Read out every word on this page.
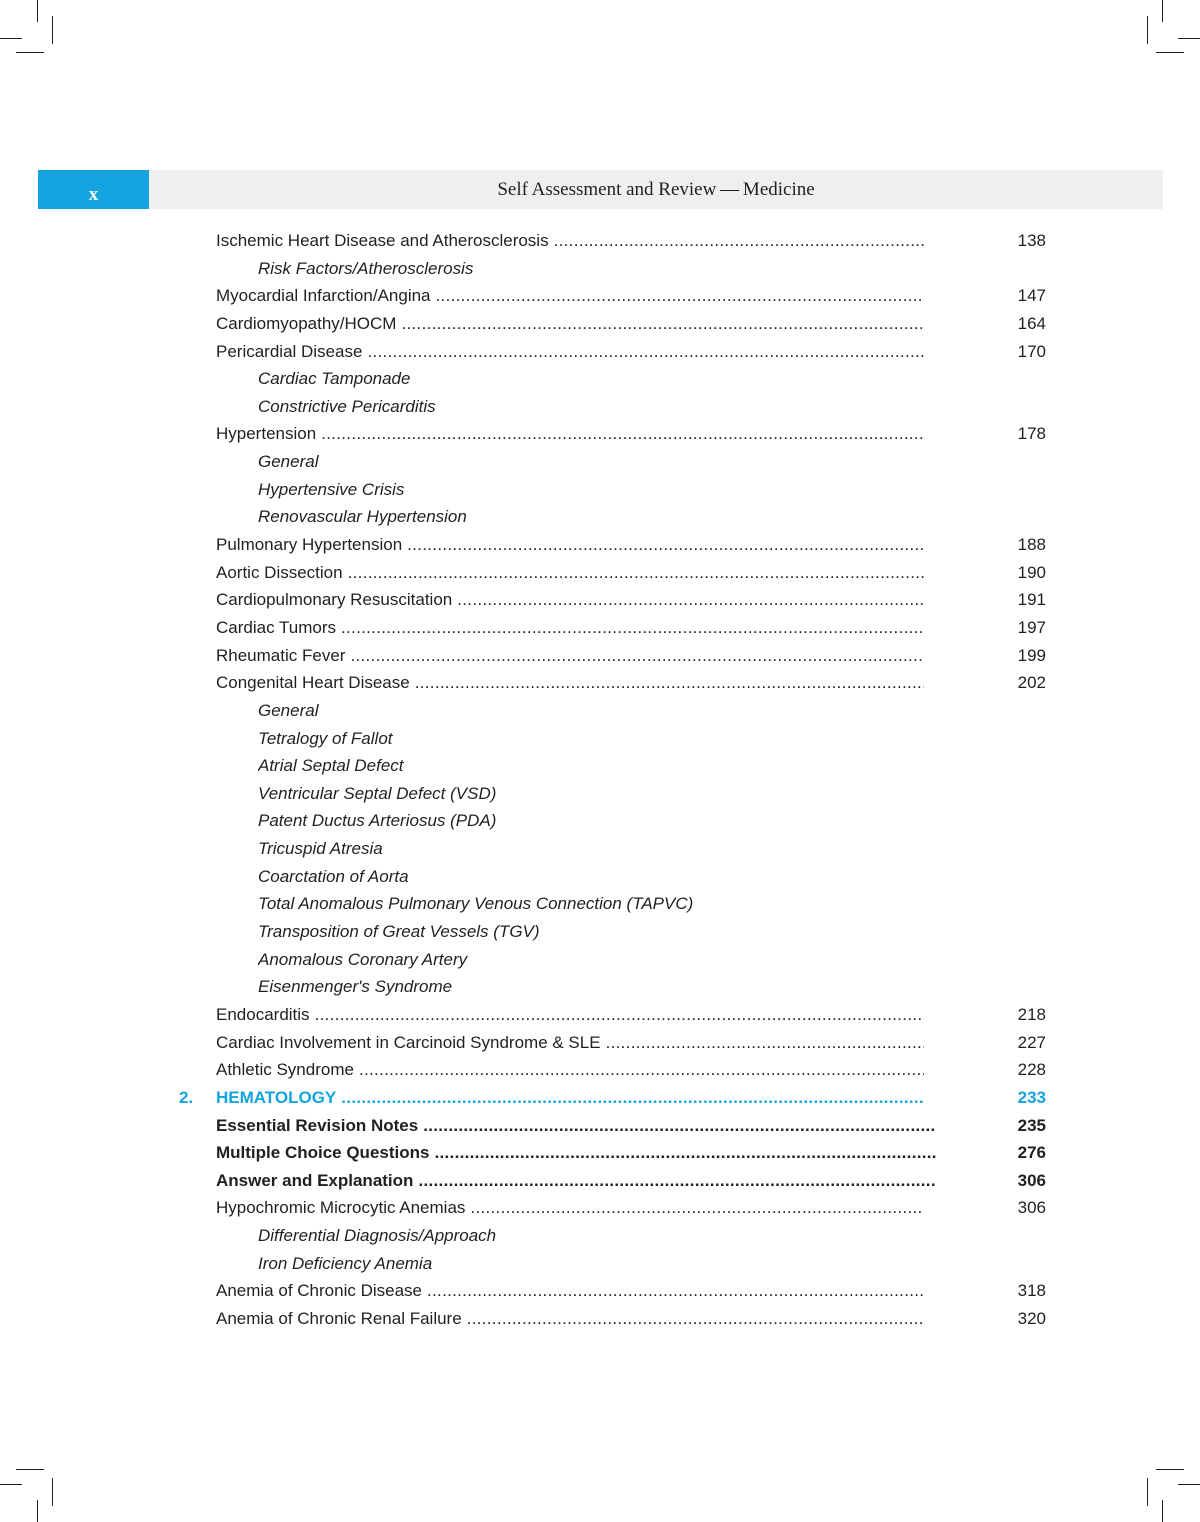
x	Self Assessment and Review — Medicine
Ischemic Heart Disease and Atherosclerosis .....	138
Risk Factors/Atherosclerosis
Myocardial Infarction/Angina .....	147
Cardiomyopathy/HOCM .....	164
Pericardial Disease .....	170
Cardiac Tamponade
Constrictive Pericarditis
Hypertension .....	178
General
Hypertensive Crisis
Renovascular Hypertension
Pulmonary Hypertension .....	188
Aortic Dissection .....	190
Cardiopulmonary Resuscitation .....	191
Cardiac Tumors .....	197
Rheumatic Fever .....	199
Congenital Heart Disease .....	202
General
Tetralogy of Fallot
Atrial Septal Defect
Ventricular Septal Defect (VSD)
Patent Ductus Arteriosus (PDA)
Tricuspid Atresia
Coarctation of Aorta
Total Anomalous Pulmonary Venous Connection (TAPVC)
Transposition of Great Vessels (TGV)
Anomalous Coronary Artery
Eisenmenger's Syndrome
Endocarditis .....	218
Cardiac Involvement in Carcinoid Syndrome & SLE .....	227
Athletic Syndrome .....	228
2. HEMATOLOGY .....	233
Essential Revision Notes .....	235
Multiple Choice Questions .....	276
Answer and Explanation .....	306
Hypochromic Microcytic Anemias .....	306
Differential Diagnosis/Approach
Iron Deficiency Anemia
Anemia of Chronic Disease .....	318
Anemia of Chronic Renal Failure .....	320
